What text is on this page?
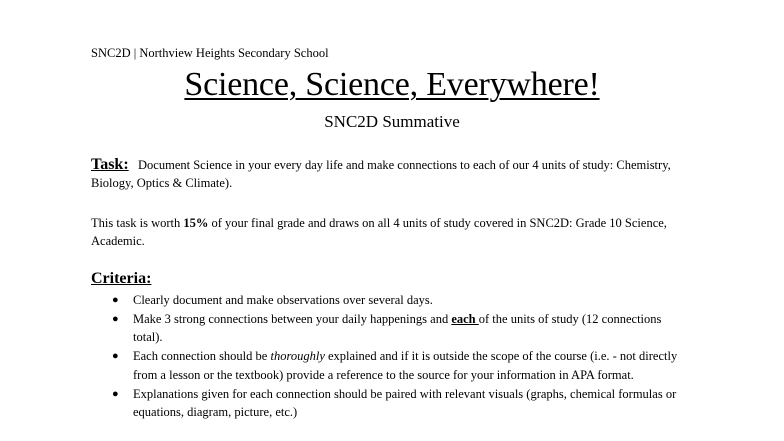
SNC2D | Northview Heights Secondary School
Science, Science, Everywhere!
SNC2D Summative
Task: Document Science in your every day life and make connections to each of our 4 units of study: Chemistry, Biology, Optics & Climate).
This task is worth 15% of your final grade and draws on all 4 units of study covered in SNC2D: Grade 10 Science, Academic.
Criteria:
● Clearly document and make observations over several days.
● Make 3 strong connections between your daily happenings and each of the units of study (12 connections total).
● Each connection should be thoroughly explained and if it is outside the scope of the course (i.e. - not directly from a lesson or the textbook) provide a reference to the source for your information in APA format.
● Explanations given for each connection should be paired with relevant visuals (graphs, chemical formulas or equations, diagram, picture, etc.)
